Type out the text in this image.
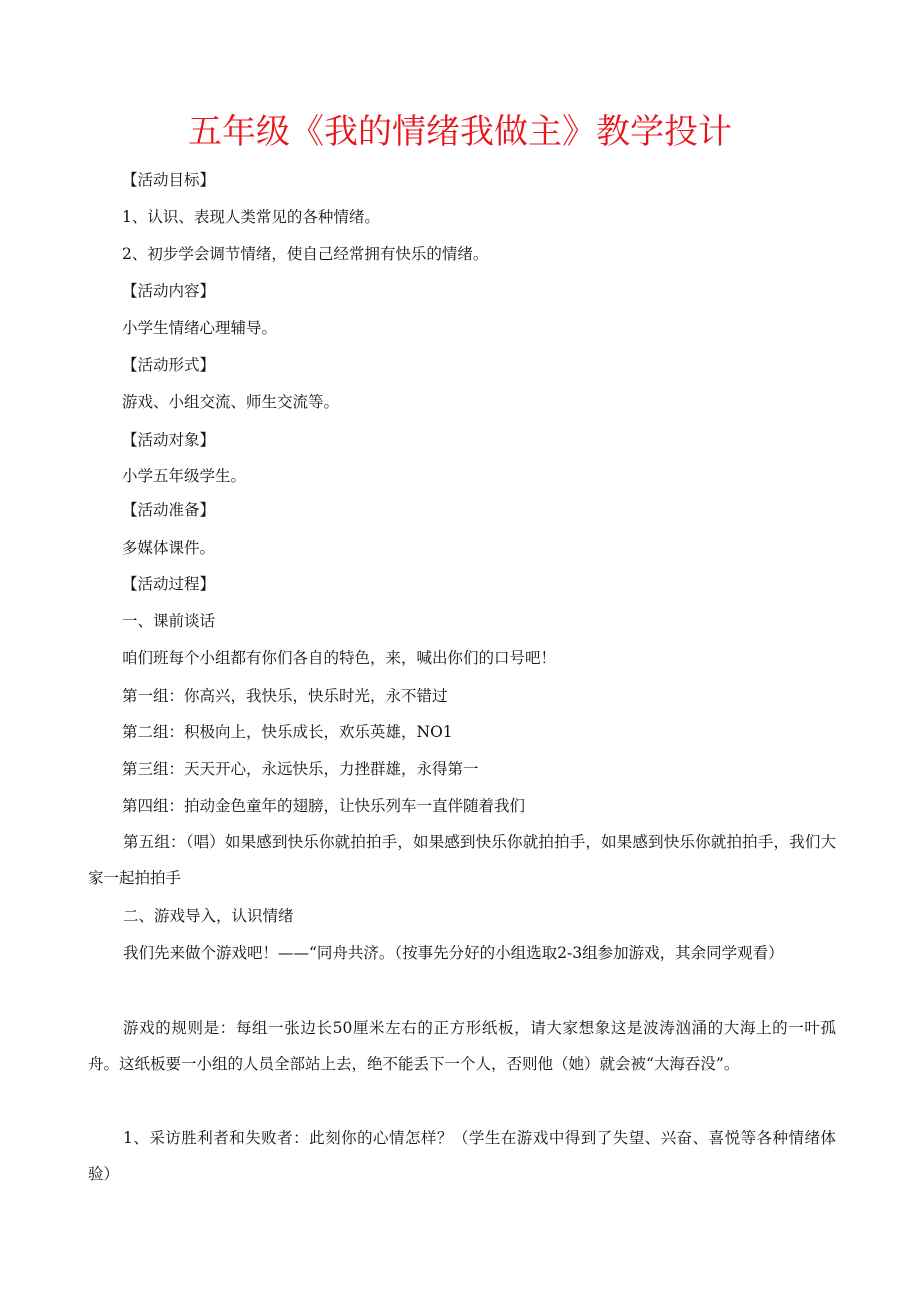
五年级《我的情绪我做主》教学投计
【活动目标】
1、认识、表现人类常见的各种情绪。
2、初步学会调节情绪，使自己经常拥有快乐的情绪。
【活动内容】
小学生情绪心理辅导。
【活动形式】
游戏、小组交流、师生交流等。
【活动对象】
小学五年级学生。
【活动准备】
多媒体课件。
【活动过程】
一、课前谈话
咱们班每个小组都有你们各自的特色，来，喊出你们的口号吧！
第一组：你高兴，我快乐，快乐时光，永不错过
第二组：积极向上，快乐成长，欢乐英雄，NO1
第三组：天天开心，永远快乐，力挫群雄，永得第一
第四组：拍动金色童年的翅膀，让快乐列车一直伴随着我们
第五组：（唱）如果感到快乐你就拍拍手，如果感到快乐你就拍拍手，如果感到快乐你就拍拍手，我们大家一起拍拍手
二、游戏导入，认识情绪
我们先来做个游戏吧！——“同舟共济。（按事先分好的小组选取2-3组参加游戏，其余同学观看）
游戏的规则是：每组一张边长50厘米左右的正方形纸板，请大家想象这是波涛汹涌的大海上的一叶孤舟。这纸板要一小组的人员全部站上去，绝不能丢下一个人，否则他（她）就会被“大海吞没”。
1、采访胜利者和失败者：此刻你的心情怎样？（学生在游戏中得到了失望、兴奋、喜悦等各种情绪体验）
